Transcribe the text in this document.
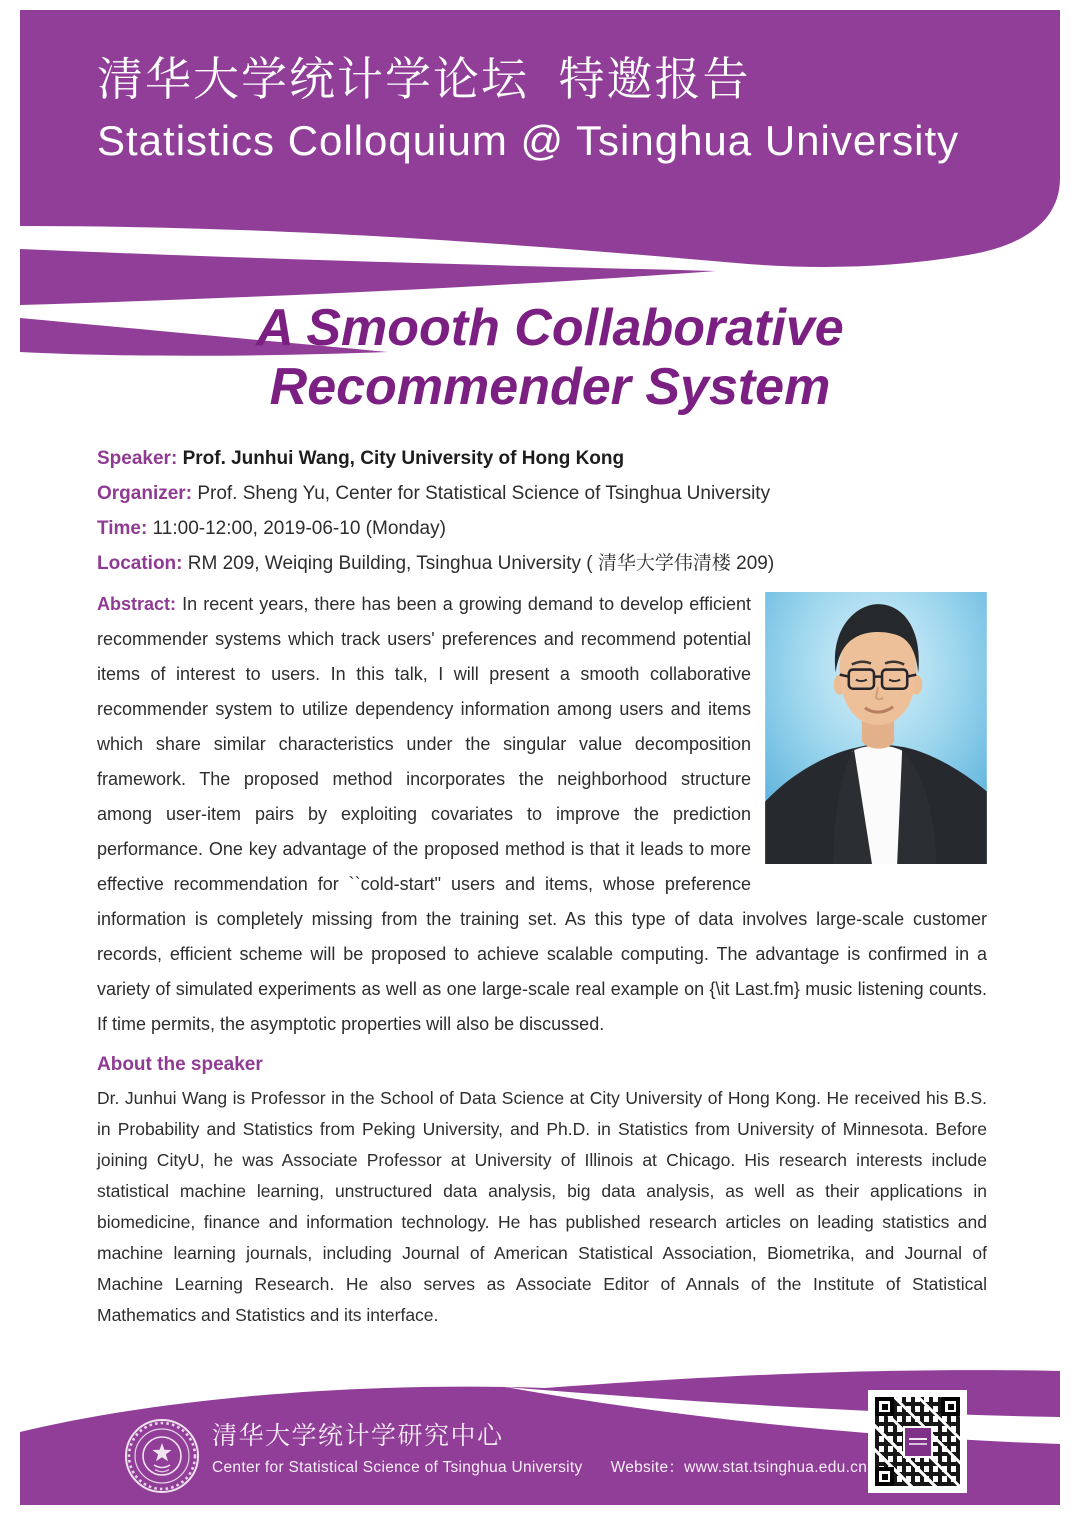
清华大学统计学论坛  特邀报告
Statistics Colloquium @ Tsinghua University
A Smooth Collaborative
Recommender System
Speaker: Prof. Junhui Wang, City University of Hong Kong
Organizer: Prof. Sheng Yu, Center for Statistical Science of Tsinghua University
Time: 11:00-12:00, 2019-06-10 (Monday)
Location: RM 209, Weiqing Building, Tsinghua University ( 清华大学伟清楼 209)
Abstract: In recent years, there has been a growing demand to develop efficient recommender systems which track users' preferences and recommend potential items of interest to users. In this talk, I will present a smooth collaborative recommender system to utilize dependency information among users and items which share similar characteristics under the singular value decomposition framework. The proposed method incorporates the neighborhood structure among user-item pairs by exploiting covariates to improve the prediction performance. One key advantage of the proposed method is that it leads to more effective recommendation for ``cold-start" users and items, whose preference information is completely missing from the training set. As this type of data involves large-scale customer records, efficient scheme will be proposed to achieve scalable computing. The advantage is confirmed in a variety of simulated experiments as well as one large-scale real example on {\it Last.fm} music listening counts. If time permits, the asymptotic properties will also be discussed.
About the speaker
Dr. Junhui Wang is Professor in the School of Data Science at City University of Hong Kong. He received his B.S. in Probability and Statistics from Peking University, and Ph.D. in Statistics from University of Minnesota. Before joining CityU, he was Associate Professor at University of Illinois at Chicago. His research interests include statistical machine learning, unstructured data analysis, big data analysis, as well as their applications in biomedicine, finance and information technology. He has published research articles on leading statistics and machine learning journals, including Journal of American Statistical Association, Biometrika, and Journal of Machine Learning Research. He also serves as Associate Editor of Annals of the Institute of Statistical Mathematics and Statistics and its interface.
清华大学统计学研究中心
Center for Statistical Science of Tsinghua University Website：www.stat.tsinghua.edu.cn
